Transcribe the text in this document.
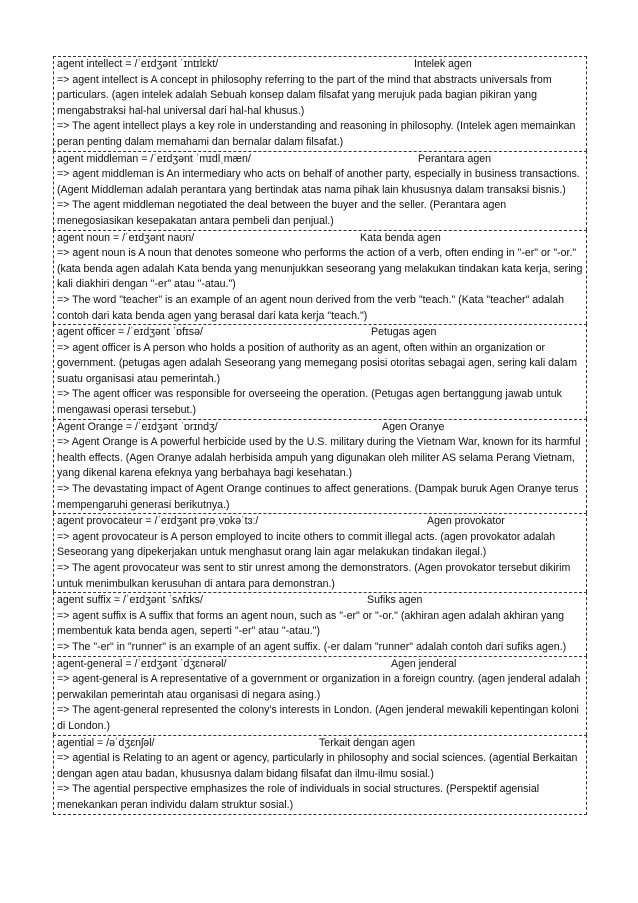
agent intellect = /ˈeɪdʒənt ˈɪntɪlɛkt/	Intelek agen
=> agent intellect is A concept in philosophy referring to the part of the mind that abstracts universals from particulars. (agen intelek adalah Sebuah konsep dalam filsafat yang merujuk pada bagian pikiran yang mengabstraksi hal-hal universal dari hal-hal khusus.)
=> The agent intellect plays a key role in understanding and reasoning in philosophy. (Intelek agen memainkan peran penting dalam memahami dan bernalar dalam filsafat.)
agent middleman = /ˈeɪdʒənt ˈmɪdlˌmæn/	Perantara agen
=> agent middleman is An intermediary who acts on behalf of another party, especially in business transactions. (Agent Middleman adalah perantara yang bertindak atas nama pihak lain khususnya dalam transaksi bisnis.)
=> The agent middleman negotiated the deal between the buyer and the seller. (Perantara agen menegosiasikan kesepakatan antara pembeli dan penjual.)
agent noun = /ˈeɪdʒənt naʊn/	Kata benda agen
=> agent noun is A noun that denotes someone who performs the action of a verb, often ending in "-er" or "-or." (kata benda agen adalah Kata benda yang menunjukkan seseorang yang melakukan tindakan kata kerja, sering kali diakhiri dengan "-er" atau "-atau.")
=> The word "teacher" is an example of an agent noun derived from the verb "teach." (Kata "teacher" adalah contoh dari kata benda agen yang berasal dari kata kerja "teach.")
agent officer = /ˈeɪdʒənt ˈɒfɪsə/	Petugas agen
=> agent officer is A person who holds a position of authority as an agent, often within an organization or government. (petugas agen adalah Seseorang yang memegang posisi otoritas sebagai agen, sering kali dalam suatu organisasi atau pemerintah.)
=> The agent officer was responsible for overseeing the operation. (Petugas agen bertanggung jawab untuk mengawasi operasi tersebut.)
Agent Orange = /ˈeɪdʒənt ˈɒrɪndʒ/	Agen Oranye
=> Agent Orange is A powerful herbicide used by the U.S. military during the Vietnam War, known for its harmful health effects. (Agen Oranye adalah herbisida ampuh yang digunakan oleh militer AS selama Perang Vietnam, yang dikenal karena efeknya yang berbahaya bagi kesehatan.)
=> The devastating impact of Agent Orange continues to affect generations. (Dampak buruk Agen Oranye terus mempengaruhi generasi berikutnya.)
agent provocateur = /ˈeɪdʒənt prəˌvɒkəˈtɜː/	Agen provokator
=> agent provocateur is A person employed to incite others to commit illegal acts. (agen provokator adalah Seseorang yang dipekerjakan untuk menghasut orang lain agar melakukan tindakan ilegal.)
=> The agent provocateur was sent to stir unrest among the demonstrators. (Agen provokator tersebut dikirim untuk menimbulkan kerusuhan di antara para demonstran.)
agent suffix = /ˈeɪdʒənt ˈsʌfɪks/	Sufiks agen
=> agent suffix is A suffix that forms an agent noun, such as "-er" or "-or." (akhiran agen adalah akhiran yang membentuk kata benda agen, seperti "-er" atau "-atau.")
=> The "-er" in "runner" is an example of an agent suffix. (-er dalam "runner" adalah contoh dari sufiks agen.)
agent-general = /ˈeɪdʒənt ˈdʒɛnərəl/	Agen jenderal
=> agent-general is A representative of a government or organization in a foreign country. (agen jenderal adalah perwakilan pemerintah atau organisasi di negara asing.)
=> The agent-general represented the colony's interests in London. (Agen jenderal mewakili kepentingan koloni di London.)
agential = /əˈdʒɛnʃəl/	Terkait dengan agen
=> agential is Relating to an agent or agency, particularly in philosophy and social sciences. (agential Berkaitan dengan agen atau badan, khususnya dalam bidang filsafat dan ilmu-ilmu sosial.)
=> The agential perspective emphasizes the role of individuals in social structures. (Perspektif agensial menekankan peran individu dalam struktur sosial.)
